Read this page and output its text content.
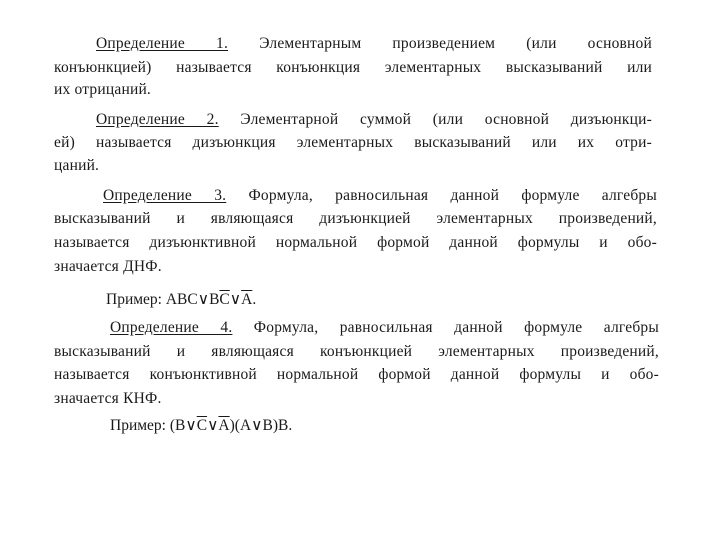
Определение 1. Элементарным произведением (или основной
конъюнкцией) называется конъюнкция элементарных высказываний или
их отрицаний.
Определение 2. Элементарной суммой (или основной дизъюнкци-
ей) называется дизъюнкция элементарных высказываний или их отри-
цаний.
Определение 3. Формула, равносильная данной формуле алгебры
высказываний и являющаяся дизъюнкцией элементарных произведений,
называется дизъюнктивной нормальной формой данной формулы и обо-
значается ДНФ.
Пример: $ABC\vee B\overline{C}\vee\overline{A}$.
Определение 4. Формула, равносильная данной формуле алгебры
высказываний и являющаяся конъюнкцией элементарных произведений,
называется конъюнктивной нормальной формой данной формулы и обо-
значается КНФ.
Пример: $(B\vee\overline{C}\vee\overline{A})(A\vee B)B$.
